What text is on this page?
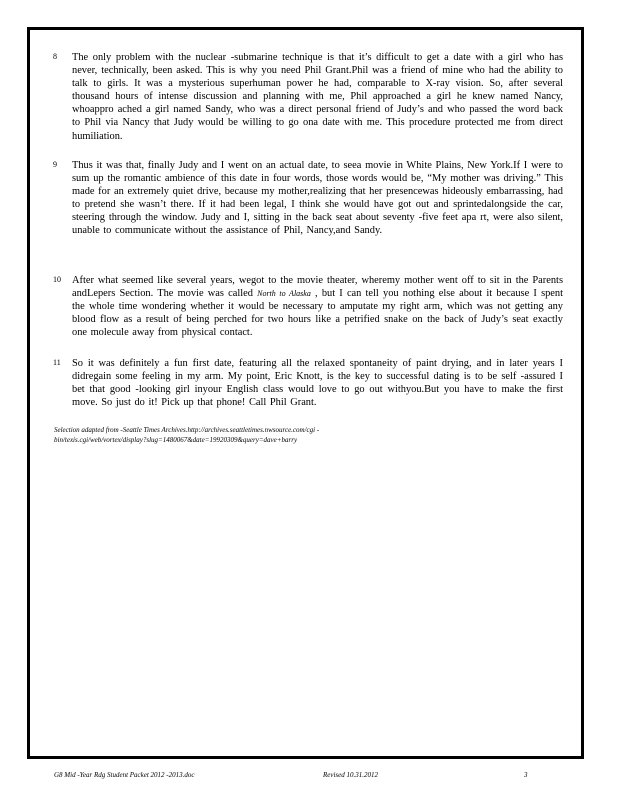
8	The only problem with the nuclear -submarine technique is that it’s difficult to get a date with a girl who has never, technically, been asked. This is why you need Phil Grant.Phil was a friend of mine who had the ability to talk to girls. It was a mysterious superhuman power he had, comparable to X-ray vision. So, after several thousand hours of intense discussion and planning with me, Phil approached a girl he knew named Nancy, whoappro ached a girl named Sandy, who was a direct personal friend of Judy’s and who passed the word back to Phil via Nancy that Judy would be willing to go ona date with me. This procedure protected me from direct humiliation.
9	Thus it was that, finally Judy and I went on an actual date, to seea movie in White Plains, New York.If I were to sum up the romantic ambience of this date in four words, those words would be, “My mother was driving.” This made for an extremely quiet drive, because my mother,realizing that her presencewas hideously embarrassing, had to pretend she wasn’t there. If it had been legal, I think she would have got out and sprintedalongside the car, steering through the window. Judy and I, sitting in the back seat about seventy -five feet apa rt, were also silent, unable to communicate without the assistance of Phil, Nancy,and Sandy.
10	After what seemed like several years, wegot to the movie theater, wheremy mother went off to sit in the Parents andLepers Section. The movie was called North to Alaska , but I can tell you nothing else about it because I spent the whole time wondering whether it would be necessary to amputate my right arm, which was not getting any blood flow as a result of being perched for two hours like a petrified snake on the back of Judy’s seat exactly one molecule away from physical contact.
11	So it was definitely a fun first date, featuring all the relaxed spontaneity of paint drying, and in later years I didregain some feeling in my arm. My point, Eric Knott, is the key to successful dating is to be self -assured I bet that good -looking girl inyour English class would love to go out withyou.But you have to make the first move. So just do it! Pick up that phone! Call Phil Grant.
Selection adapted from -Seattle Times Archives.http://archives.seattletimes.nwsource.com/cgi -
bin/texis.cgi/web/vortex/display?slug=1480067&date=19920309&query=dave+barry
G8 Mid -Year Rdg Student Packet 2012 -2013.doc	Revised 10.31.2012	3
